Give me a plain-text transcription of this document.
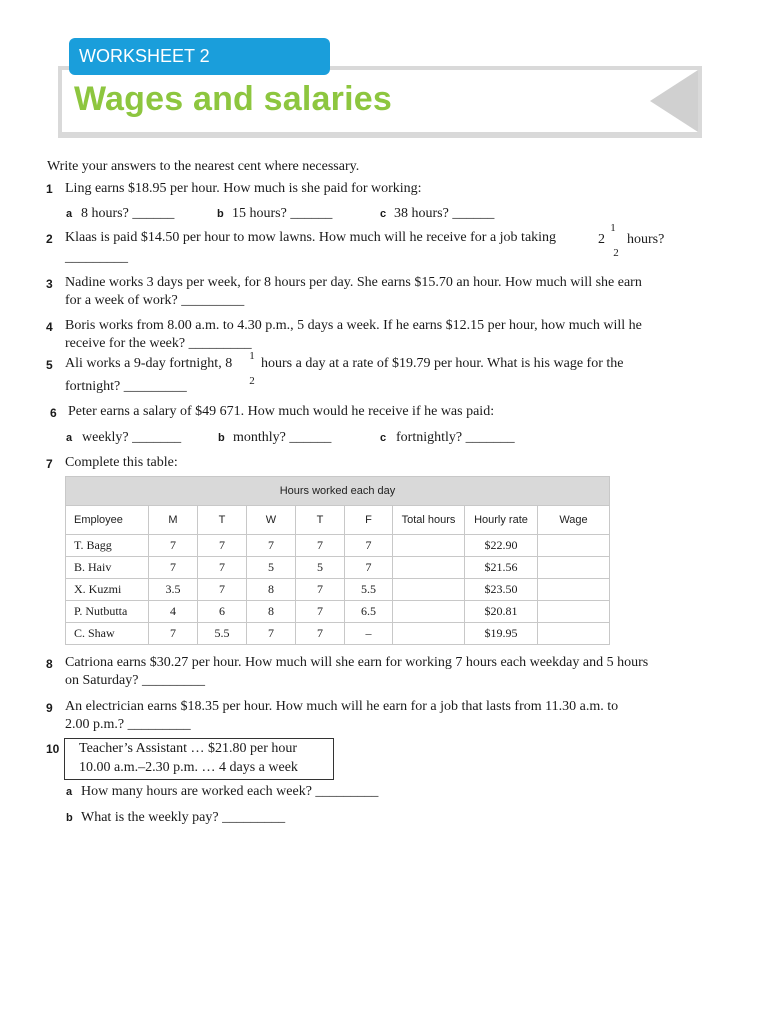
WORKSHEET 2
Wages and salaries
Write your answers to the nearest cent where necessary.
1 Ling earns $18.95 per hour. How much is she paid for working:
a 8 hours? ______	b 15 hours? ______	c 38 hours? ______
2 Klaas is paid $14.50 per hour to mow lawns. How much will he receive for a job taking	2
1
2
hours?
_________
3 Nadine works 3 days per week, for 8 hours per day. She earns $15.70 an hour. How much will she earn
for a week of work? _________
4 Boris works from 8.00 a.m. to 4.30 p.m., 5 days a week. If he earns $12.15 per hour, how much will he
receive for the week? _________
5 Ali works a 9-day fortnight, 8 1
2
hours a day at a rate of $19.79 per hour. What is his wage for the
fortnight? _________
6 Peter earns a salary of $49 671. How much would he receive if he was paid:
a weekly? _______	b monthly? ______	c fortnightly? _______
7 Complete this table:
Hours worked each day								
Employee	M	T	W	T	F	Total hours	Hourly rate	Wage
T. Bagg	7	7	7	7	7		$22.90	
B. Haiv	7	7	5	5	7		$21.56	
X. Kuzmi	3.5	7	8	7	5.5		$23.50	
P. Nutbutta	4	6	8	7	6.5		$20.81	
C. Shaw	7	5.5	7	7	–		$19.95	
8 Catriona earns $30.27 per hour. How much will she earn for working 7 hours each weekday and 5 hours
on Saturday? _________
9 An electrician earns $18.35 per hour. How much will he earn for a job that lasts from 11.30 a.m. to
2.00 p.m.? _________
10 Teacher’s Assistant … $21.80 per hour
10.00 a.m.–2.30 p.m. … 4 days a week
a How many hours are worked each week? _________
b What is the weekly pay? _________
